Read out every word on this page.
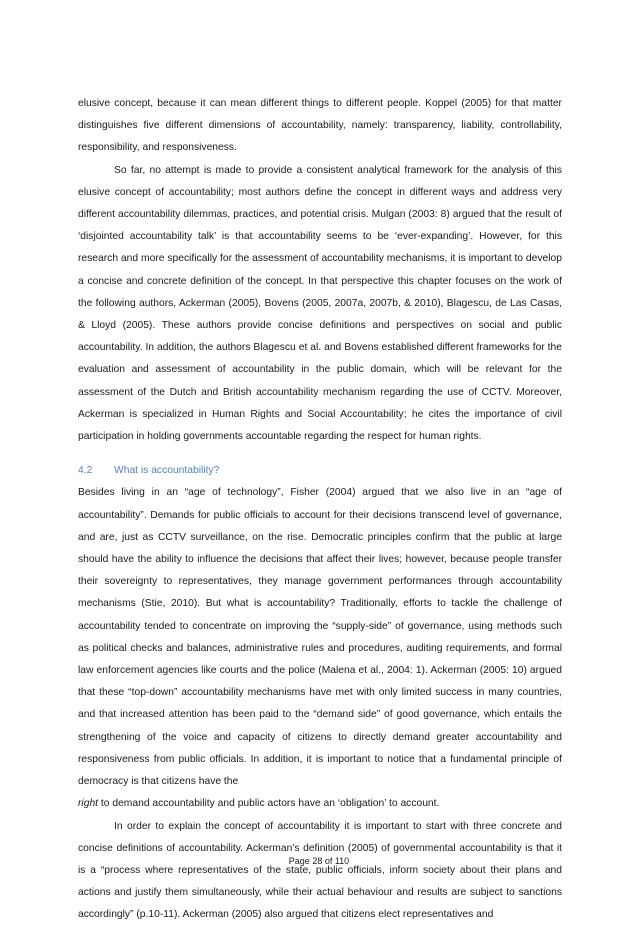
elusive concept, because it can mean different things to different people. Koppel (2005) for that matter distinguishes five different dimensions of accountability, namely: transparency, liability, controllability, responsibility, and responsiveness.

So far, no attempt is made to provide a consistent analytical framework for the analysis of this elusive concept of accountability; most authors define the concept in different ways and address very different accountability dilemmas, practices, and potential crisis. Mulgan (2003: 8) argued that the result of ‘disjointed accountability talk’ is that accountability seems to be ‘ever-expanding’. However, for this research and more specifically for the assessment of accountability mechanisms, it is important to develop a concise and concrete definition of the concept. In that perspective this chapter focuses on the work of the following authors, Ackerman (2005), Bovens (2005, 2007a, 2007b, & 2010), Blagescu, de Las Casas, & Lloyd (2005). These authors provide concise definitions and perspectives on social and public accountability. In addition, the authors Blagescu et al. and Bovens established different frameworks for the evaluation and assessment of accountability in the public domain, which will be relevant for the assessment of the Dutch and British accountability mechanism regarding the use of CCTV. Moreover, Ackerman is specialized in Human Rights and Social Accountability; he cites the importance of civil participation in holding governments accountable regarding the respect for human rights.

4.2	What is accountability?

Besides living in an “age of technology”, Fisher (2004) argued that we also live in an “age of accountability”. Demands for public officials to account for their decisions transcend level of governance, and are, just as CCTV surveillance, on the rise. Democratic principles confirm that the public at large should have the ability to influence the decisions that affect their lives; however, because people transfer their sovereignty to representatives, they manage government performances through accountability mechanisms (Stie, 2010). But what is accountability? Traditionally, efforts to tackle the challenge of accountability tended to concentrate on improving the “supply-side” of governance, using methods such as political checks and balances, administrative rules and procedures, auditing requirements, and formal law enforcement agencies like courts and the police (Malena et al., 2004: 1). Ackerman (2005: 10) argued that these “top-down” accountability mechanisms have met with only limited success in many countries, and that increased attention has been paid to the “demand side” of good governance, which entails the strengthening of the voice and capacity of citizens to directly demand greater accountability and responsiveness from public officials. In addition, it is important to notice that a fundamental principle of democracy is that citizens have the
right to demand accountability and public actors have an ‘obligation’ to account.

In order to explain the concept of accountability it is important to start with three concrete and concise definitions of accountability. Ackerman’s definition (2005) of governmental accountability is that it is a “process where representatives of the state, public officials, inform society about their plans and actions and justify them simultaneously, while their actual behaviour and results are subject to sanctions accordingly” (p.10-11). Ackerman (2005) also argued that citizens elect representatives and

Page 28 of 110
